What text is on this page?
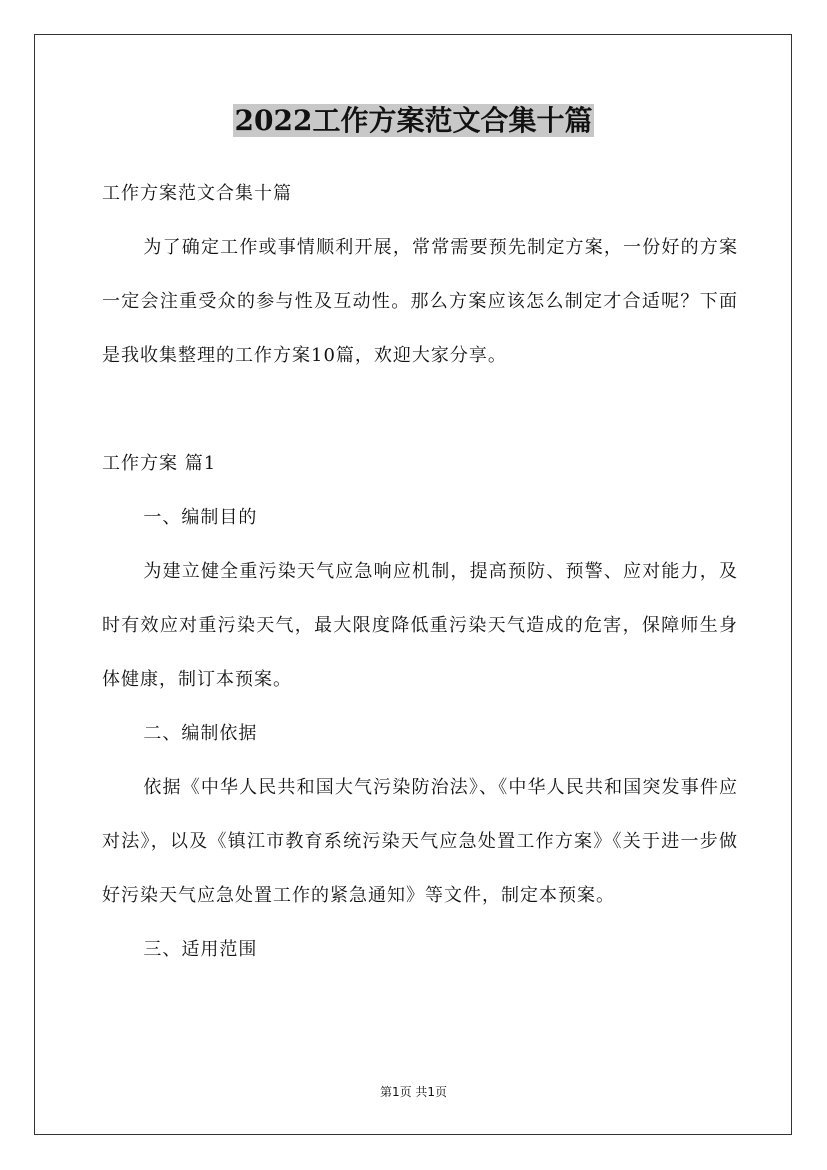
2022工作方案范文合集十篇

工作方案范文合集十篇

为了确定工作或事情顺利开展，常常需要预先制定方案，一份好的方案一定会注重受众的参与性及互动性。那么方案应该怎么制定才合适呢？下面是我收集整理的工作方案10篇，欢迎大家分享。

工作方案 篇1

一、编制目的

为建立健全重污染天气应急响应机制，提高预防、预警、应对能力，及时有效应对重污染天气，最大限度降低重污染天气造成的危害，保障师生身体健康，制订本预案。

二、编制依据

依据《中华人民共和国大气污染防治法》、《中华人民共和国突发事件应对法》，以及《镇江市教育系统污染天气应急处置工作方案》《关于进一步做好污染天气应急处置工作的紧急通知》等文件，制定本预案。

三、适用范围

第1页 共1页
